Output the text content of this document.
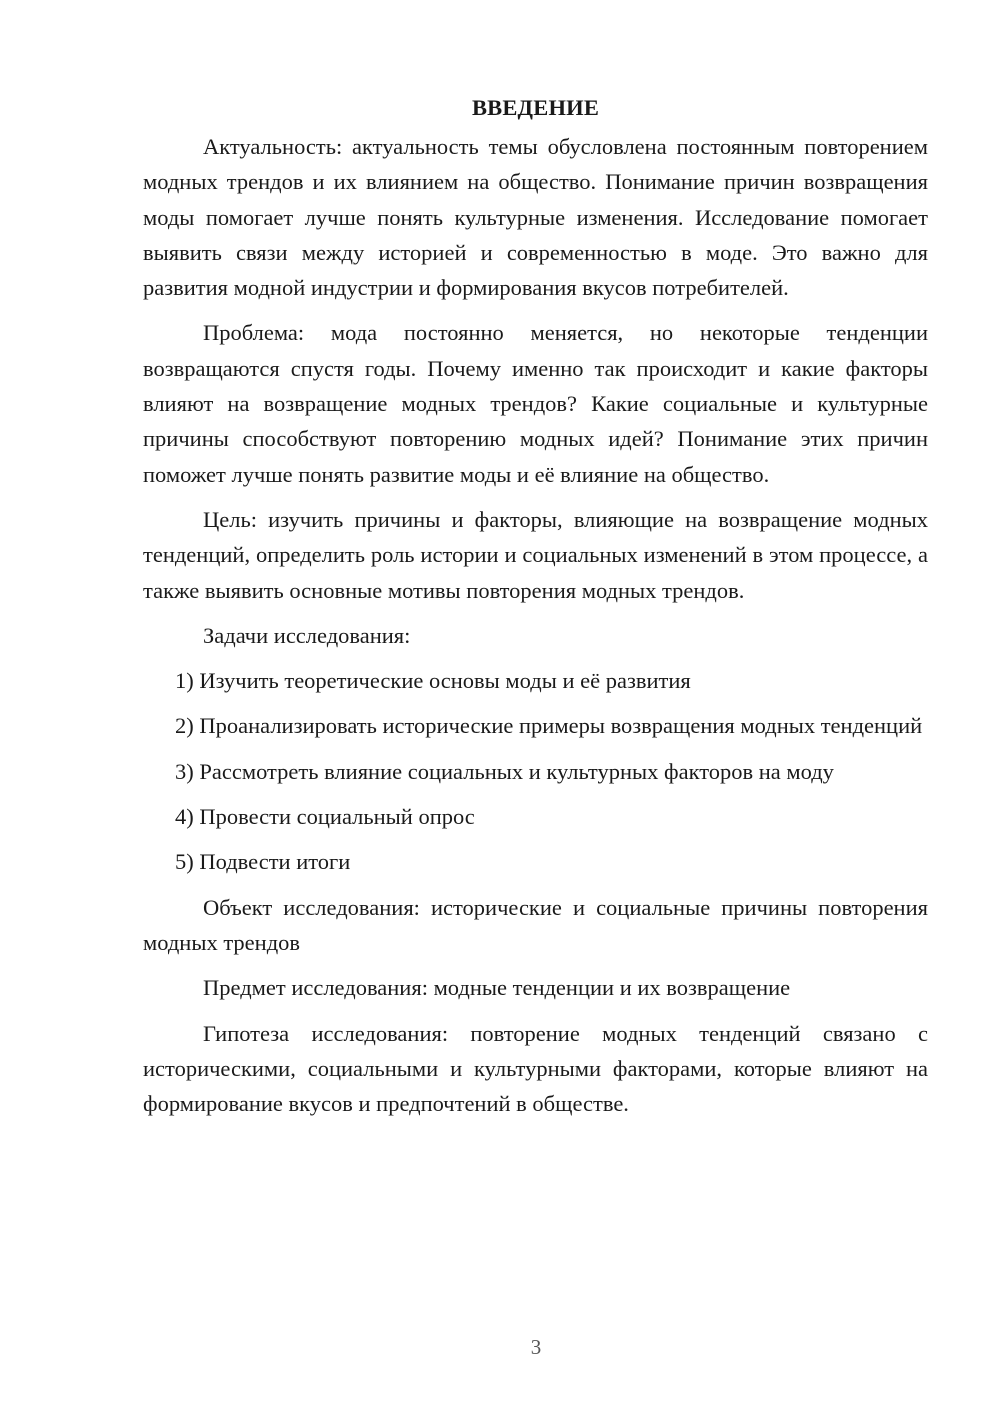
ВВЕДЕНИЕ

Актуальность: актуальность темы обусловлена постоянным повторением модных трендов и их влиянием на общество. Понимание причин возвращения моды помогает лучше понять культурные изменения. Исследование помогает выявить связи между историей и современностью в моде. Это важно для развития модной индустрии и формирования вкусов потребителей.

Проблема: мода постоянно меняется, но некоторые тенденции возвращаются спустя годы. Почему именно так происходит и какие факторы влияют на возвращение модных трендов? Какие социальные и культурные причины способствуют повторению модных идей? Понимание этих причин поможет лучше понять развитие моды и её влияние на общество.

Цель: изучить причины и факторы, влияющие на возвращение модных тенденций, определить роль истории и социальных изменений в этом процессе, а также выявить основные мотивы повторения модных трендов.

Задачи исследования:

1) Изучить теоретические основы моды и её развития

2) Проанализировать исторические примеры возвращения модных тенденций

3) Рассмотреть влияние социальных и культурных факторов на моду

4) Провести социальный опрос

5) Подвести итоги

Объект исследования: исторические и социальные причины повторения модных трендов

Предмет исследования: модные тенденции и их возвращение

Гипотеза исследования: повторение модных тенденций связано с историческими, социальными и культурными факторами, которые влияют на формирование вкусов и предпочтений в обществе.

3
